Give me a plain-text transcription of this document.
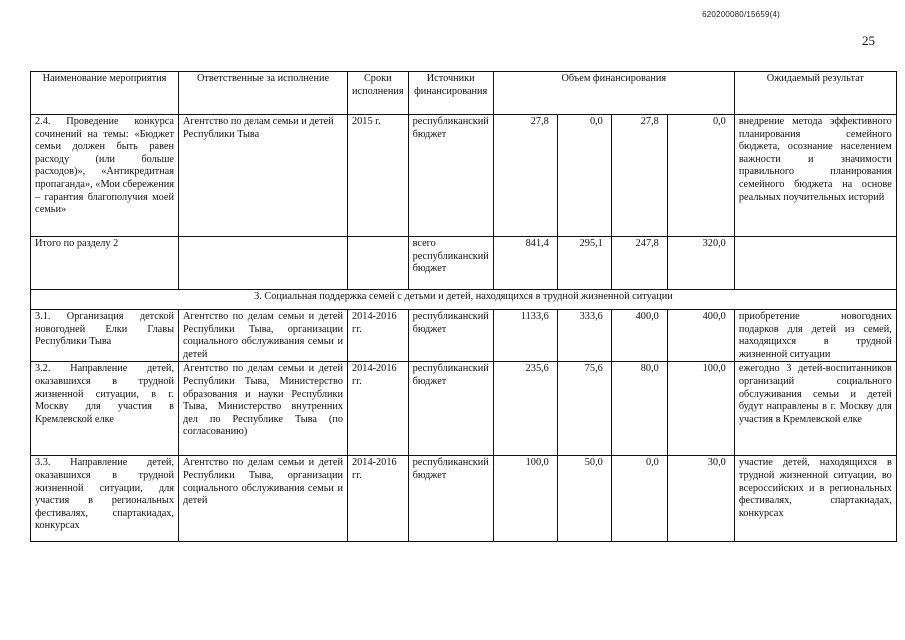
620200080/15659(4)
25
Наименование мероприятия	Ответственные за исполнение	Сроки исполнения	Источники финансирования	Объем финансирования				Ожидаемый результат
2.4. Проведение конкурса сочинений на темы: «Бюджет семьи должен быть равен расходу (или больше расходов)», «Антикредитная пропаганда», «Мои сбережения – гарантия благополучия моей семьи»	Агентство по делам семьи и детей Республики Тыва	2015 г.	республиканский бюджет	27,8	0,0	27,8	0,0	внедрение метода эффективного планирования семейного бюджета, осознание населением важности и значимости правильного планирования семейного бюджета на основе реальных поучительных историй
Итого по разделу 2			всего республиканский бюджет	841,4	295,1	247,8	320,0	
3. Социальная поддержка семей с детьми и детей, находящихся в трудной жизненной ситуации								
3.1. Организация детской новогодней Елки Главы Республики Тыва	Агентство по делам семьи и детей Республики Тыва, организации социального обслуживания семьи и детей	2014-2016 гг.	республиканский бюджет	1133,6	333,6	400,0	400,0	приобретение новогодних подарков для детей из семей, находящихся в трудной жизненной ситуации
3.2. Направление детей, оказавшихся в трудной жизненной ситуации, в г. Москву для участия в Кремлевской елке	Агентство по делам семьи и детей Республики Тыва, Министерство образования и науки Республики Тыва, Министерство внутренних дел по Республике Тыва (по согласованию)	2014-2016 гг.	республиканский бюджет	235,6	75,6	80,0	100,0	ежегодно 3 детей-воспитанников организаций социального обслуживания семьи и детей будут направлены в г. Москву для участия в Кремлевской елке
3.3. Направление детей, оказавшихся в трудной жизненной ситуации, для участия в региональных фестивалях, спартакиадах, конкурсах	Агентство по делам семьи и детей Республики Тыва, организации социального обслуживания семьи и детей	2014-2016 гг.	республиканский бюджет	100,0	50,0	0,0	30,0	участие детей, находящихся в трудной жизненной ситуации, во всероссийских и в региональных фестивалях, спартакиадах, конкурсах
